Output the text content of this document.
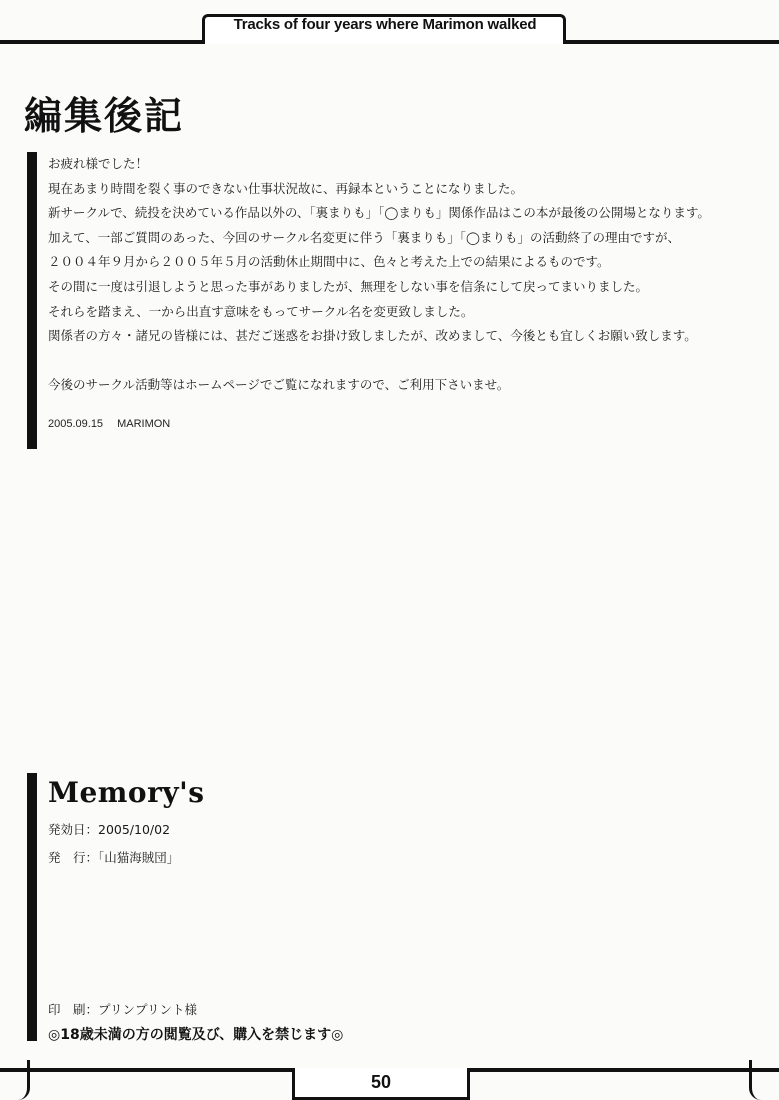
Tracks of four years where Marimon walked
編集後記
お疲れ様でした！
現在あまり時間を裂く事のできない仕事状況故に、再録本ということになりました。
新サークルで、続投を決めている作品以外の、「裏まりも」「◯まりも」関係作品はこの本が最後の公開場となります。
加えて、一部ご質問のあった、今回のサークル名変更に伴う「裏まりも」「◯まりも」の活動終了の理由ですが、
２００４年９月から２００５年５月の活動休止期間中に、色々と考えた上での結果によるものです。
その間に一度は引退しようと思った事がありましたが、無理をしない事を信条にして戻ってまいりました。
それらを踏まえ、一から出直す意味をもってサークル名を変更致しました。
関係者の方々・諸兄の皆様には、甚だご迷惑をお掛け致しましたが、改めまして、今後とも宜しくお願い致します。
今後のサークル活動等はホームページでご覧になれますので、ご利用下さいませ。
2005.09.15 MARIMON
Memory's
発効日：2005/10/02
発　行：「山猫海賊団」
印　刷：プリンプリント様
◎18歳未満の方の閲覧及び、購入を禁じます◎
50
